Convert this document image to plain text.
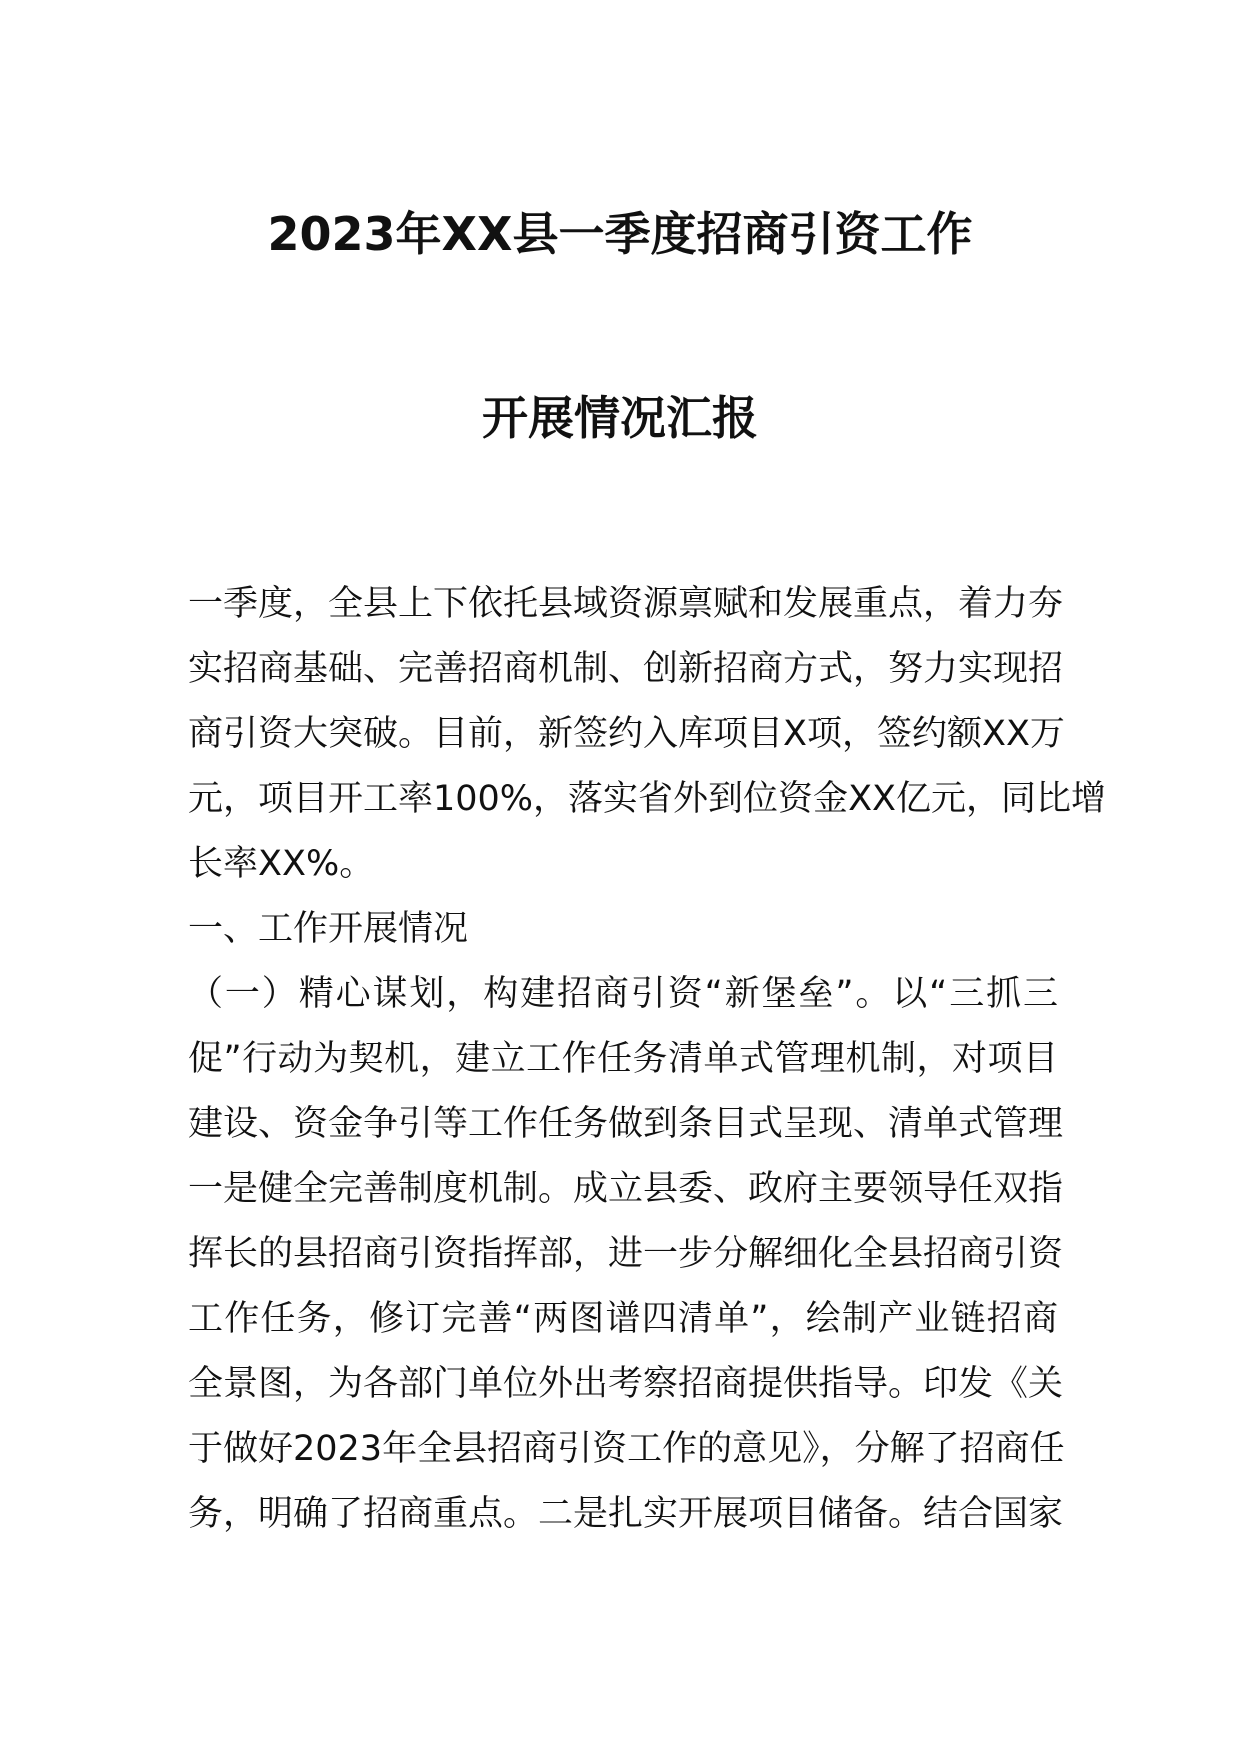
2023年XX县一季度招商引资工作
开展情况汇报
一季度，全县上下依托县域资源禀赋和发展重点，着力夯
实招商基础、完善招商机制、创新招商方式，努力实现招
商引资大突破。目前，新签约入库项目X项，签约额XX万
元，项目开工率100%，落实省外到位资金XX亿元，同比增
长率XX%。
一、工作开展情况
（一）精心谋划，构建招商引资“新堡垒”。以“三抓三
促”行动为契机，建立工作任务清单式管理机制，对项目
建设、资金争引等工作任务做到条目式呈现、清单式管理
一是健全完善制度机制。成立县委、政府主要领导任双指
挥长的县招商引资指挥部，进一步分解细化全县招商引资
工作任务，修订完善“两图谱四清单”，绘制产业链招商
全景图，为各部门单位外出考察招商提供指导。印发《关
于做好2023年全县招商引资工作的意见》，分解了招商任
务，明确了招商重点。二是扎实开展项目储备。结合国家
